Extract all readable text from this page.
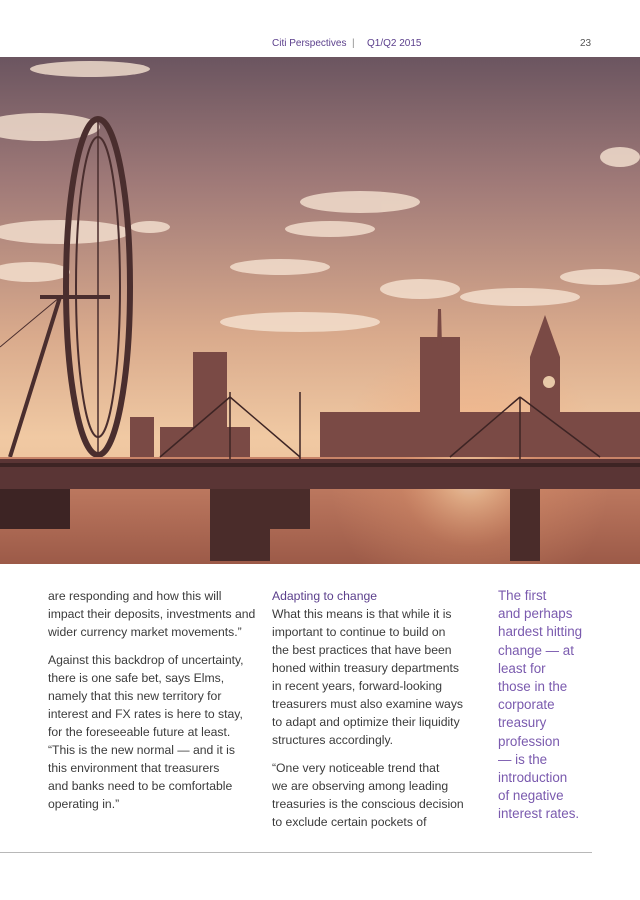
Citi Perspectives | Q1/Q2 2015	23

are responding and how this will
impact their deposits, investments and
wider currency market movements.”

Against this backdrop of uncertainty,
there is one safe bet, says Elms,
namely that this new territory for
interest and FX rates is here to stay,
for the foreseeable future at least.
“This is the new normal — and it is
this environment that treasurers
and banks need to be comfortable
operating in.”

Adapting to change

What this means is that while it is
important to continue to build on
the best practices that have been
honed within treasury departments
in recent years, forward-looking
treasurers must also examine ways
to adapt and optimize their liquidity
structures accordingly.

“One very noticeable trend that
we are observing among leading
treasuries is the conscious decision
to exclude certain pockets of

The first
and perhaps
hardest hitting
change — at
least for
those in the
corporate
treasury
profession
— is the
introduction
of negative
interest rates.
